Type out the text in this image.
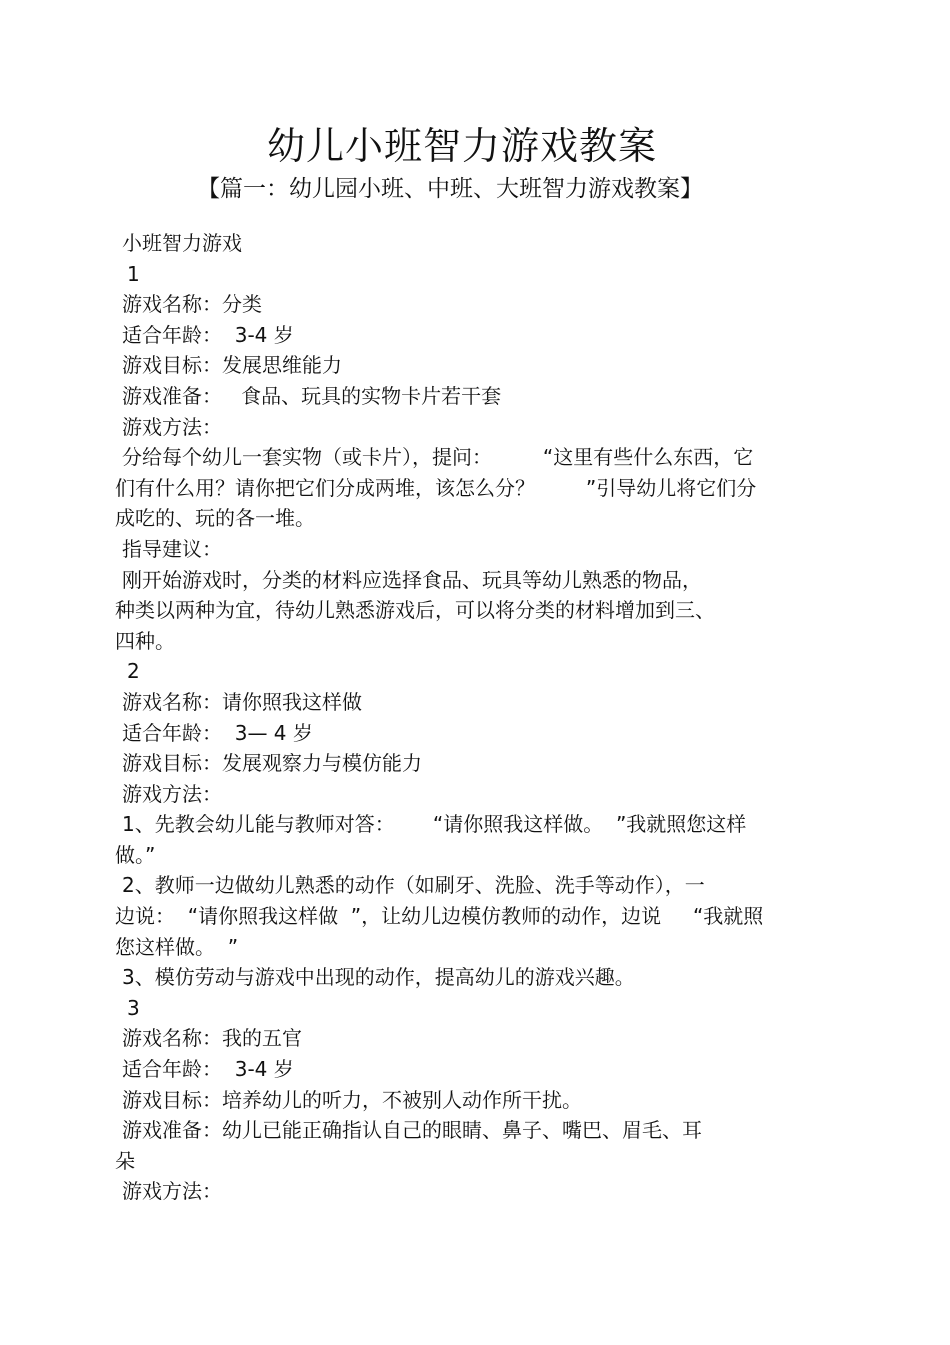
幼儿小班智力游戏教案
【篇一：幼儿园小班、中班、大班智力游戏教案】
小班智力游戏
1
游戏名称：分类
适合年龄：  3-4 岁
游戏目标：发展思维能力
游戏准备：   食品、玩具的实物卡片若干套
游戏方法：
分给每个幼儿一套实物（或卡片），提问：        “这里有些什么东西，它
们有什么用？请你把它们分成两堆，该怎么分？        ”引导幼儿将它们分
成吃的、玩的各一堆。
指导建议：
刚开始游戏时，分类的材料应选择食品、玩具等幼儿熟悉的物品，
种类以两种为宜，待幼儿熟悉游戏后，可以将分类的材料增加到三、
四种。
2
游戏名称：请你照我这样做
适合年龄：  3— 4 岁
游戏目标：发展观察力与模仿能力
游戏方法：
1、先教会幼儿能与教师对答：      “请你照我这样做。  ”我就照您这样
做。”
2、教师一边做幼儿熟悉的动作（如刷牙、洗脸、洗手等动作），一
边说：  “请你照我这样做  ”，让幼儿边模仿教师的动作，边说     “我就照
您这样做。  ”
3、模仿劳动与游戏中出现的动作，提高幼儿的游戏兴趣。
3
游戏名称：我的五官
适合年龄：  3-4 岁
游戏目标：培养幼儿的听力，不被别人动作所干扰。
游戏准备：幼儿已能正确指认自己的眼睛、鼻子、嘴巴、眉毛、耳
朵
游戏方法：
